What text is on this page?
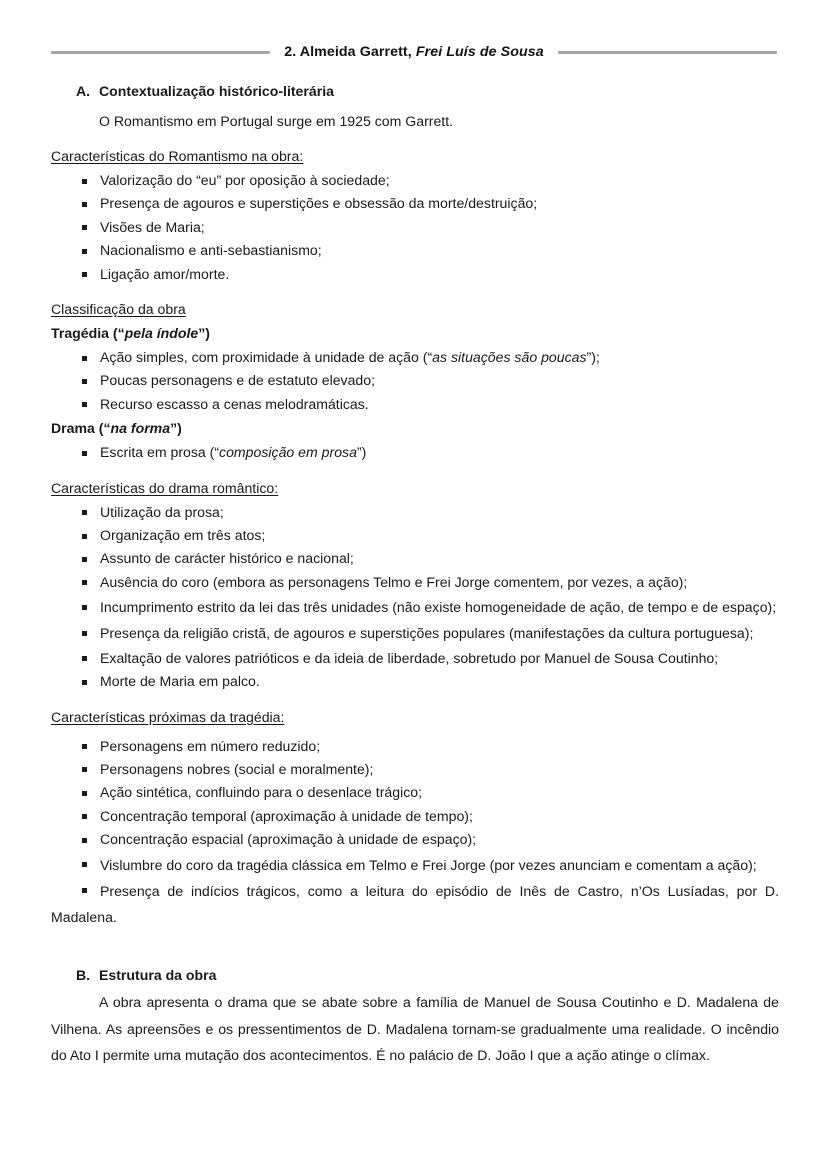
2. Almeida Garrett, Frei Luís de Sousa
A. Contextualização histórico-literária

O Romantismo em Portugal surge em 1925 com Garrett.

Características do Romantismo na obra:

Valorização do “eu” por oposição à sociedade;
Presença de agouros e superstições e obsessão da morte/destruição;
Visões de Maria;
Nacionalismo e anti-sebastianismo;
Ligação amor/morte.

Classificação da obra

Tragédia (“pela índole”)

Ação simples, com proximidade à unidade de ação (“as situações são poucas”);
Poucas personagens e de estatuto elevado;
Recurso escasso a cenas melodramáticas.

Drama (“na forma”)

Escrita em prosa (“composição em prosa”)

Características do drama romântico:

Utilização da prosa;
Organização em três atos;
Assunto de carácter histórico e nacional;
Ausência do coro (embora as personagens Telmo e Frei Jorge comentem, por vezes, a ação);
Incumprimento estrito da lei das três unidades (não existe homogeneidade de ação, de tempo e de espaço);
Presença da religião cristã, de agouros e superstições populares (manifestações da cultura portuguesa);
Exaltação de valores patrióticos e da ideia de liberdade, sobretudo por Manuel de Sousa Coutinho;
Morte de Maria em palco.

Características próximas da tragédia:

Personagens em número reduzido;
Personagens nobres (social e moralmente);
Ação sintética, confluindo para o desenlace trágico;
Concentração temporal (aproximação à unidade de tempo);
Concentração espacial (aproximação à unidade de espaço);
Vislumbre do coro da tragédia clássica em Telmo e Frei Jorge (por vezes anunciam e comentam a ação);
Presença de indícios trágicos, como a leitura do episódio de Inês de Castro, n’Os Lusíadas, por D. Madalena.
B. Estrutura da obra

A obra apresenta o drama que se abate sobre a família de Manuel de Sousa Coutinho e D. Madalena de Vilhena. As apreensões e os pressentimentos de D. Madalena tornam-se gradualmente uma realidade. O incêndio do Ato I permite uma mutação dos acontecimentos. É no palácio de D. João I que a ação atinge o clímax.
